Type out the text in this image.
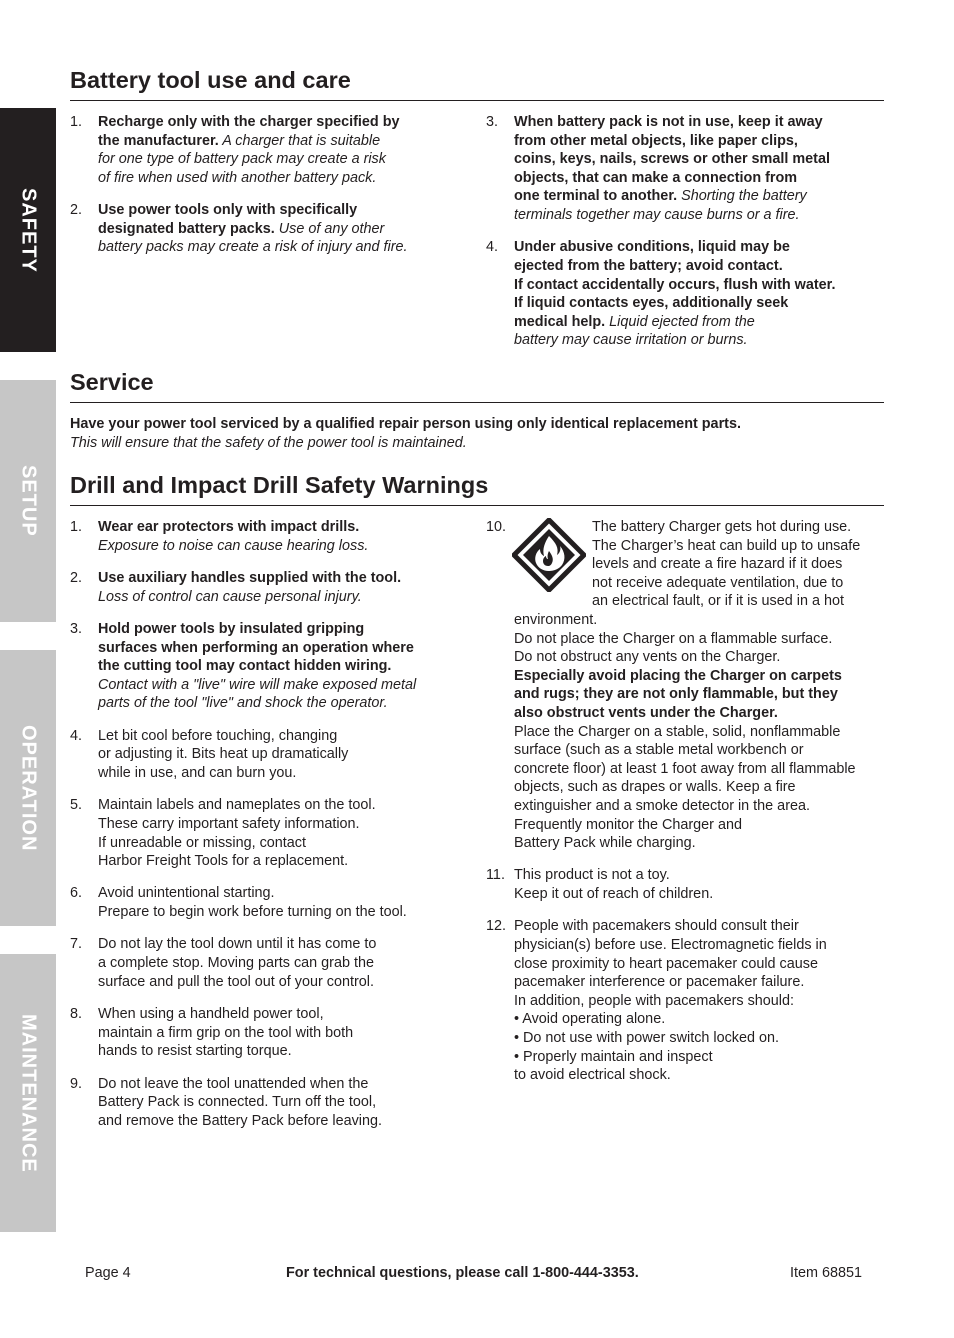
SAFETY
SETUP
OPERATION
MAINTENANCE
Battery tool use and care
1. Recharge only with the charger specified by
the manufacturer. A charger that is suitable
for one type of battery pack may create a risk
of fire when used with another battery pack.
2. Use power tools only with specifically
designated battery packs. Use of any other
battery packs may create a risk of injury and fire.
3. When battery pack is not in use, keep it away
from other metal objects, like paper clips,
coins, keys, nails, screws or other small metal
objects, that can make a connection from
one terminal to another. Shorting the battery
terminals together may cause burns or a fire.
4. Under abusive conditions, liquid may be
ejected from the battery; avoid contact.
If contact accidentally occurs, flush with water.
If liquid contacts eyes, additionally seek
medical help. Liquid ejected from the
battery may cause irritation or burns.
Service
Have your power tool serviced by a qualified repair person using only identical replacement parts.
This will ensure that the safety of the power tool is maintained.
Drill and Impact Drill Safety Warnings
1. Wear ear protectors with impact drills.
Exposure to noise can cause hearing loss.
2. Use auxiliary handles supplied with the tool.
Loss of control can cause personal injury.
3. Hold power tools by insulated gripping
surfaces when performing an operation where
the cutting tool may contact hidden wiring.
Contact with a "live" wire will make exposed metal
parts of the tool "live" and shock the operator.
4. Let bit cool before touching, changing
or adjusting it. Bits heat up dramatically
while in use, and can burn you.
5. Maintain labels and nameplates on the tool.
These carry important safety information.
If unreadable or missing, contact
Harbor Freight Tools for a replacement.
6. Avoid unintentional starting.
Prepare to begin work before turning on the tool.
7. Do not lay the tool down until it has come to
a complete stop. Moving parts can grab the
surface and pull the tool out of your control.
8. When using a handheld power tool,
maintain a firm grip on the tool with both
hands to resist starting torque.
9. Do not leave the tool unattended when the
Battery Pack is connected. Turn off the tool,
and remove the Battery Pack before leaving.
10.	The battery Charger gets hot during use.
The Charger’s heat can build up to unsafe
levels and create a fire hazard if it does
not receive adequate ventilation, due to
an electrical fault, or if it is used in a hot environment.
Do not place the Charger on a flammable surface.
Do not obstruct any vents on the Charger.
Especially avoid placing the Charger on carpets
and rugs; they are not only flammable, but they
also obstruct vents under the Charger.
Place the Charger on a stable, solid, nonflammable
surface (such as a stable metal workbench or
concrete floor) at least 1 foot away from all flammable
objects, such as drapes or walls. Keep a fire
extinguisher and a smoke detector in the area.
Frequently monitor the Charger and
Battery Pack while charging.
11. This product is not a toy.
Keep it out of reach of children.
12. People with pacemakers should consult their
physician(s) before use. Electromagnetic fields in
close proximity to heart pacemaker could cause
pacemaker interference or pacemaker failure.
In addition, people with pacemakers should:
• Avoid operating alone.
• Do not use with power switch locked on.
• Properly maintain and inspect
to avoid electrical shock.
Page 4	For technical questions, please call 1-800-444-3353.	Item 68851
